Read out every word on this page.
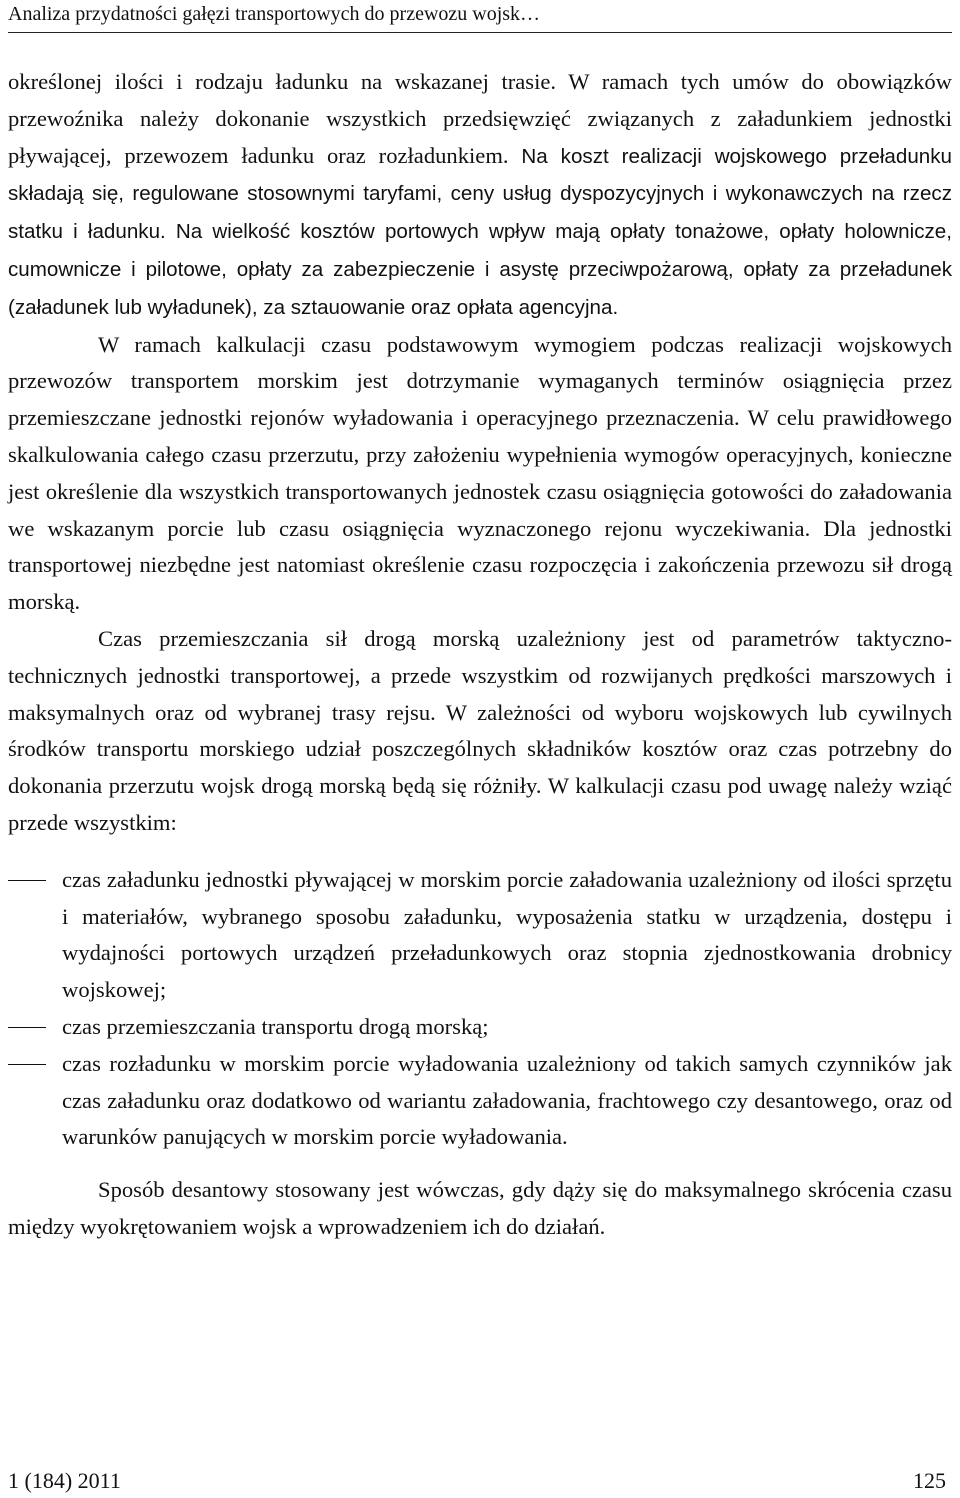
Analiza przydatności gałęzi transportowych do przewozu wojsk…

określonej ilości i rodzaju ładunku na wskazanej trasie. W ramach tych umów do obowiązków przewoźnika należy dokonanie wszystkich przedsięwzięć związanych z załadunkiem jednostki pływającej, przewozem ładunku oraz rozładunkiem. Na koszt realizacji wojskowego przeładunku składają się, regulowane stosownymi taryfami, ceny usług dyspozycyjnych i wykonawczych na rzecz statku i ładunku. Na wielkość kosztów portowych wpływ mają opłaty tonażowe, opłaty holownicze, cumownicze i pilotowe, opłaty za zabezpieczenie i asystę przeciwpożarową, opłaty za przeładunek (załadunek lub wyładunek), za sztauowanie oraz opłata agencyjna.

W ramach kalkulacji czasu podstawowym wymogiem podczas realizacji wojskowych przewozów transportem morskim jest dotrzymanie wymaganych terminów osiągnięcia przez przemieszczane jednostki rejonów wyładowania i operacyjnego przeznaczenia. W celu prawidłowego skalkulowania całego czasu przerzutu, przy założeniu wypełnienia wymogów operacyjnych, konieczne jest określenie dla wszystkich transportowanych jednostek czasu osiągnięcia gotowości do załadowania we wskazanym porcie lub czasu osiągnięcia wyznaczonego rejonu wyczekiwania. Dla jednostki transportowej niezbędne jest natomiast określenie czasu rozpoczęcia i zakończenia przewozu sił drogą morską.

Czas przemieszczania sił drogą morską uzależniony jest od parametrów taktyczno-technicznych jednostki transportowej, a przede wszystkim od rozwijanych prędkości marszowych i maksymalnych oraz od wybranej trasy rejsu. W zależności od wyboru wojskowych lub cywilnych środków transportu morskiego udział poszczególnych składników kosztów oraz czas potrzebny do dokonania przerzutu wojsk drogą morską będą się różniły. W kalkulacji czasu pod uwagę należy wziąć przede wszystkim:

czas załadunku jednostki pływającej w morskim porcie załadowania uzależniony od ilości sprzętu i materiałów, wybranego sposobu załadunku, wyposażenia statku w urządzenia, dostępu i wydajności portowych urządzeń przeładunkowych oraz stopnia zjednostkowania drobnicy wojskowej;
czas przemieszczania transportu drogą morską;
czas rozładunku w morskim porcie wyładowania uzależniony od takich samych czynników jak czas załadunku oraz dodatkowo od wariantu załadowania, frachtowego czy desantowego, oraz od warunków panujących w morskim porcie wyładowania.

Sposób desantowy stosowany jest wówczas, gdy dąży się do maksymalnego skrócenia czasu między wyokrętowaniem wojsk a wprowadzeniem ich do działań.

1 (184) 2011	125
